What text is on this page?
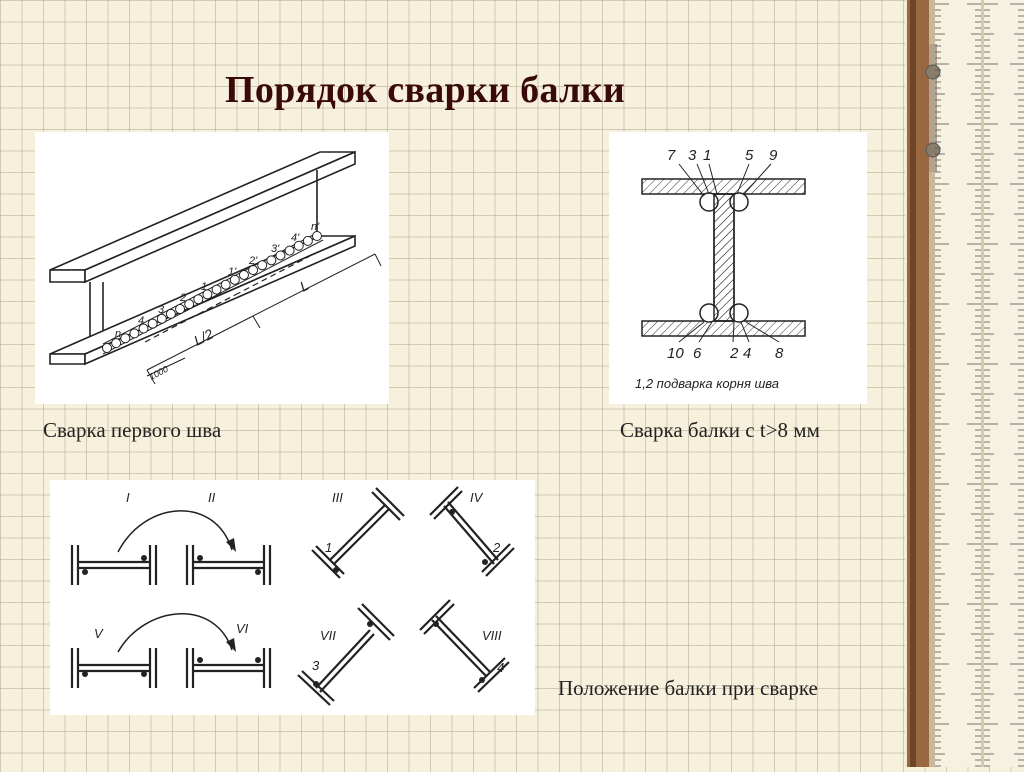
Порядок сварки балки
n
4
3
2
1
1'
2'
3'
4'
n'
1000
L/2
L
7 3 1 5 9
10 6 2 4 8
1,2 подварка корня шва
I	II	III	IV
V	VI	VII	VIII
1	2
3	4
Сварка первого шва	Сварка балки с t>8 мм
Положение балки при сварке
